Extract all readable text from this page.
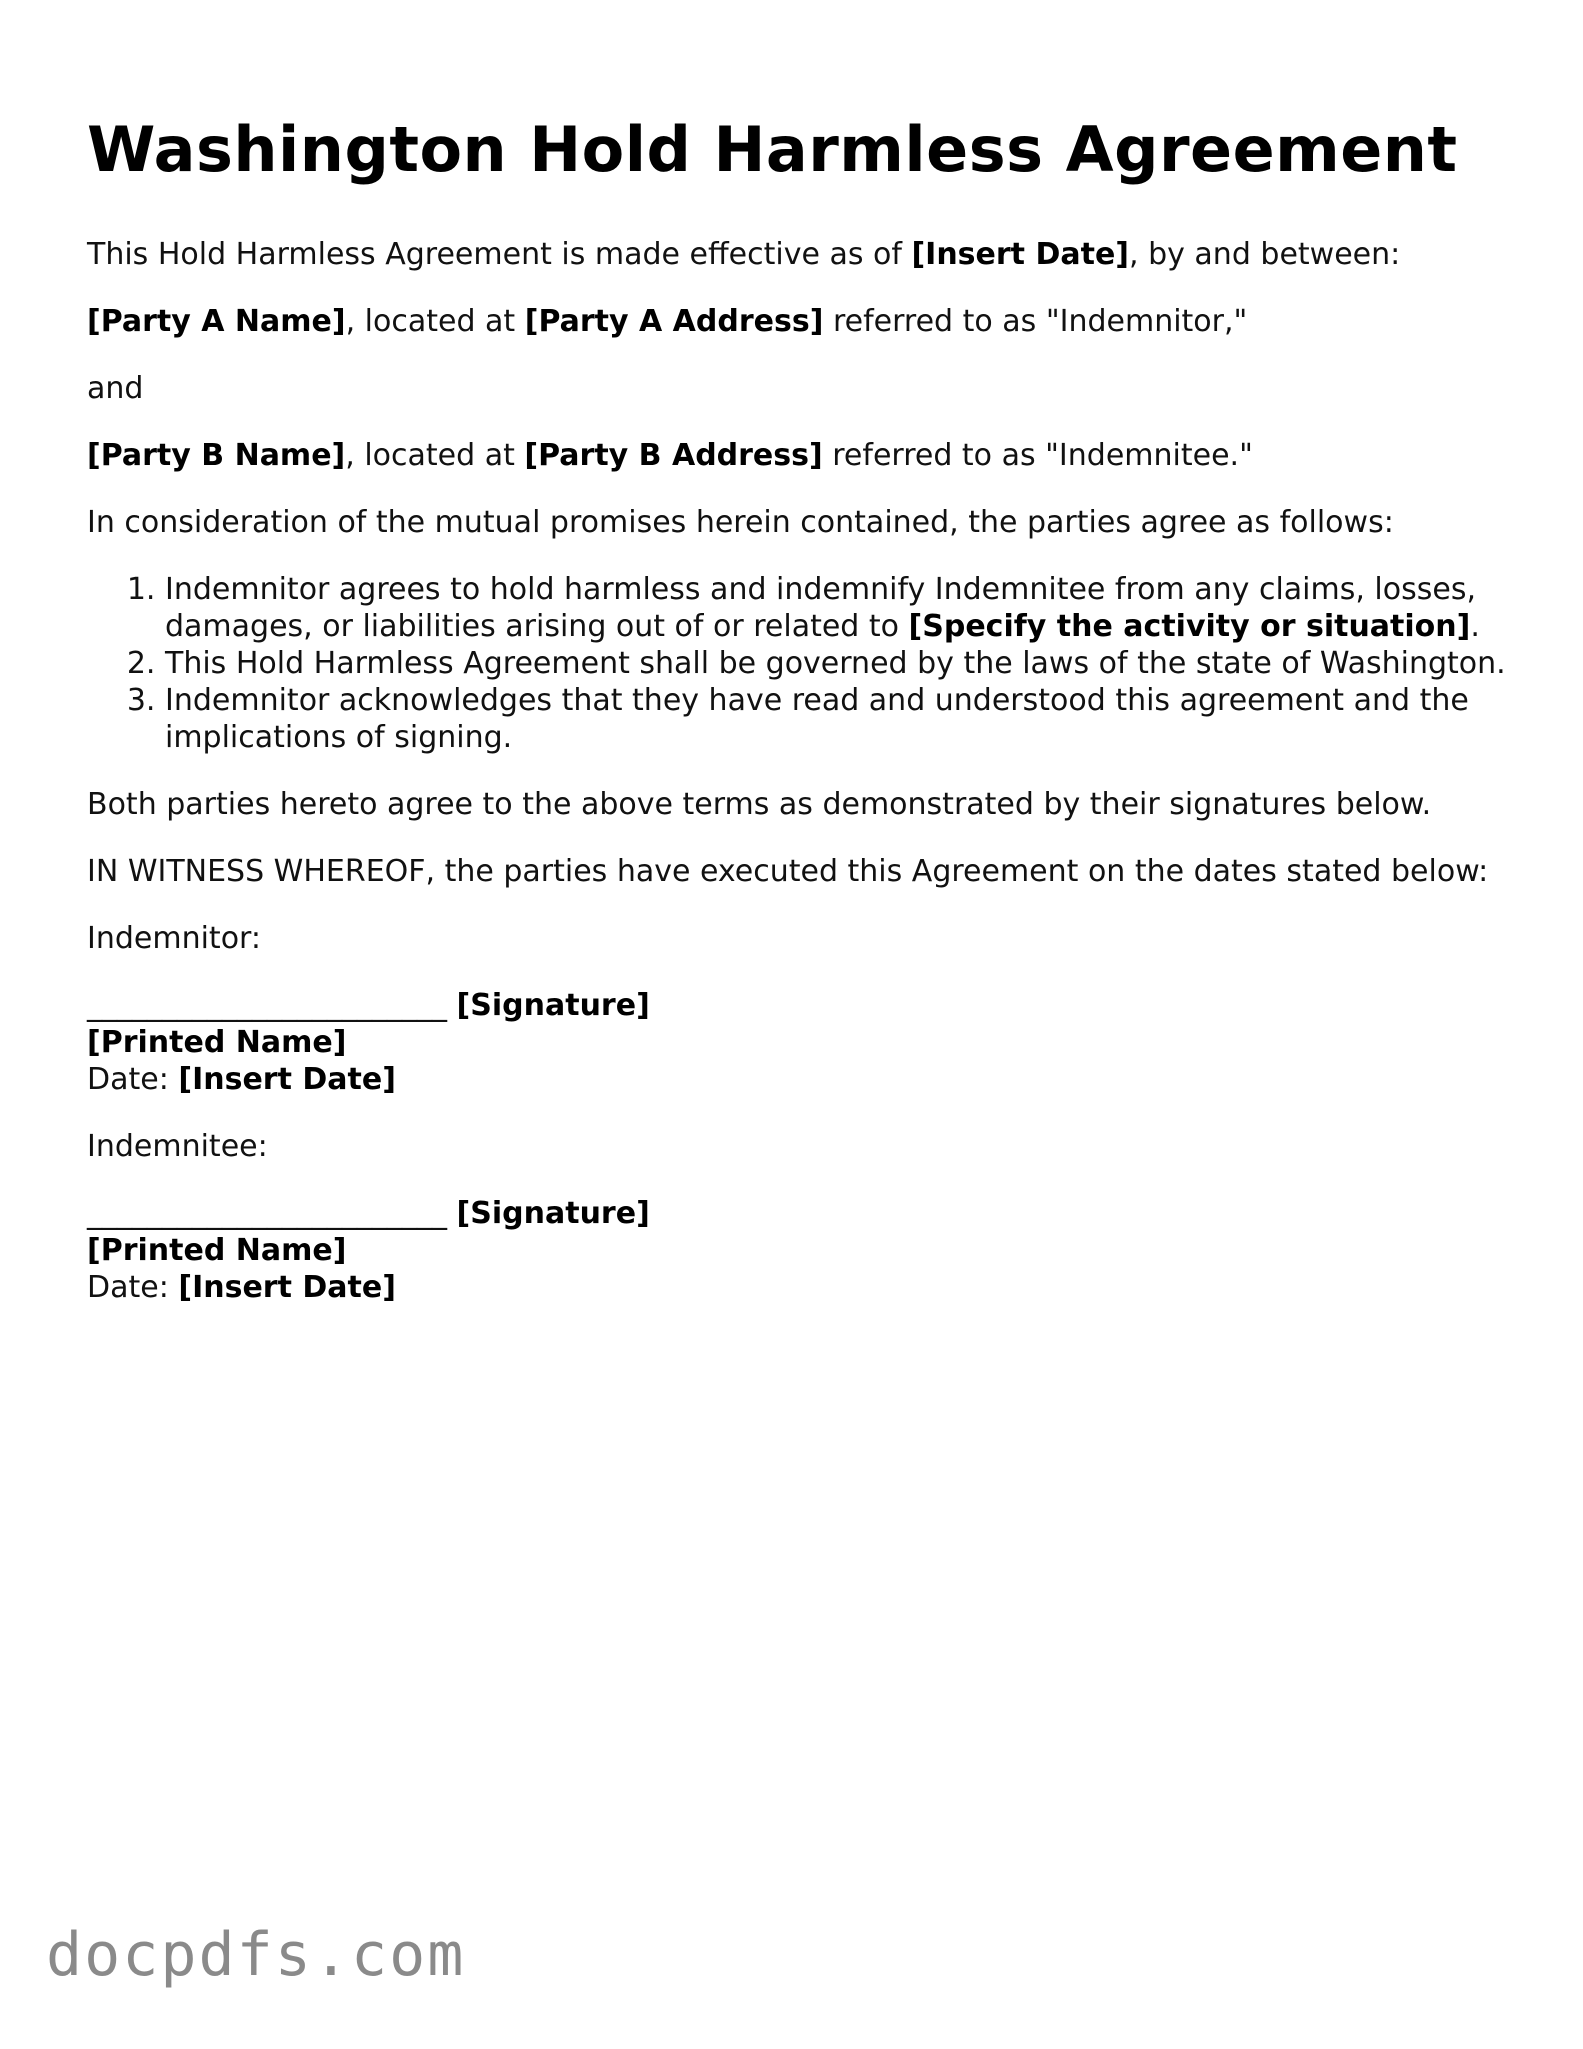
Washington Hold Harmless Agreement

This Hold Harmless Agreement is made effective as of [Insert Date], by and between:

[Party A Name], located at [Party A Address] referred to as "Indemnitor,"

and

[Party B Name], located at [Party B Address] referred to as "Indemnitee."

In consideration of the mutual promises herein contained, the parties agree as follows:

1. Indemnitor agrees to hold harmless and indemnify Indemnitee from any claims, losses, damages, or liabilities arising out of or related to [Specify the activity or situation].
2. This Hold Harmless Agreement shall be governed by the laws of the state of Washington.
3. Indemnitor acknowledges that they have read and understood this agreement and the implications of signing.

Both parties hereto agree to the above terms as demonstrated by their signatures below.

IN WITNESS WHEREOF, the parties have executed this Agreement on the dates stated below:

Indemnitor:

________________________ [Signature]
[Printed Name]
Date: [Insert Date]

Indemnitee:

________________________ [Signature]
[Printed Name]
Date: [Insert Date]
docpdfs.com
